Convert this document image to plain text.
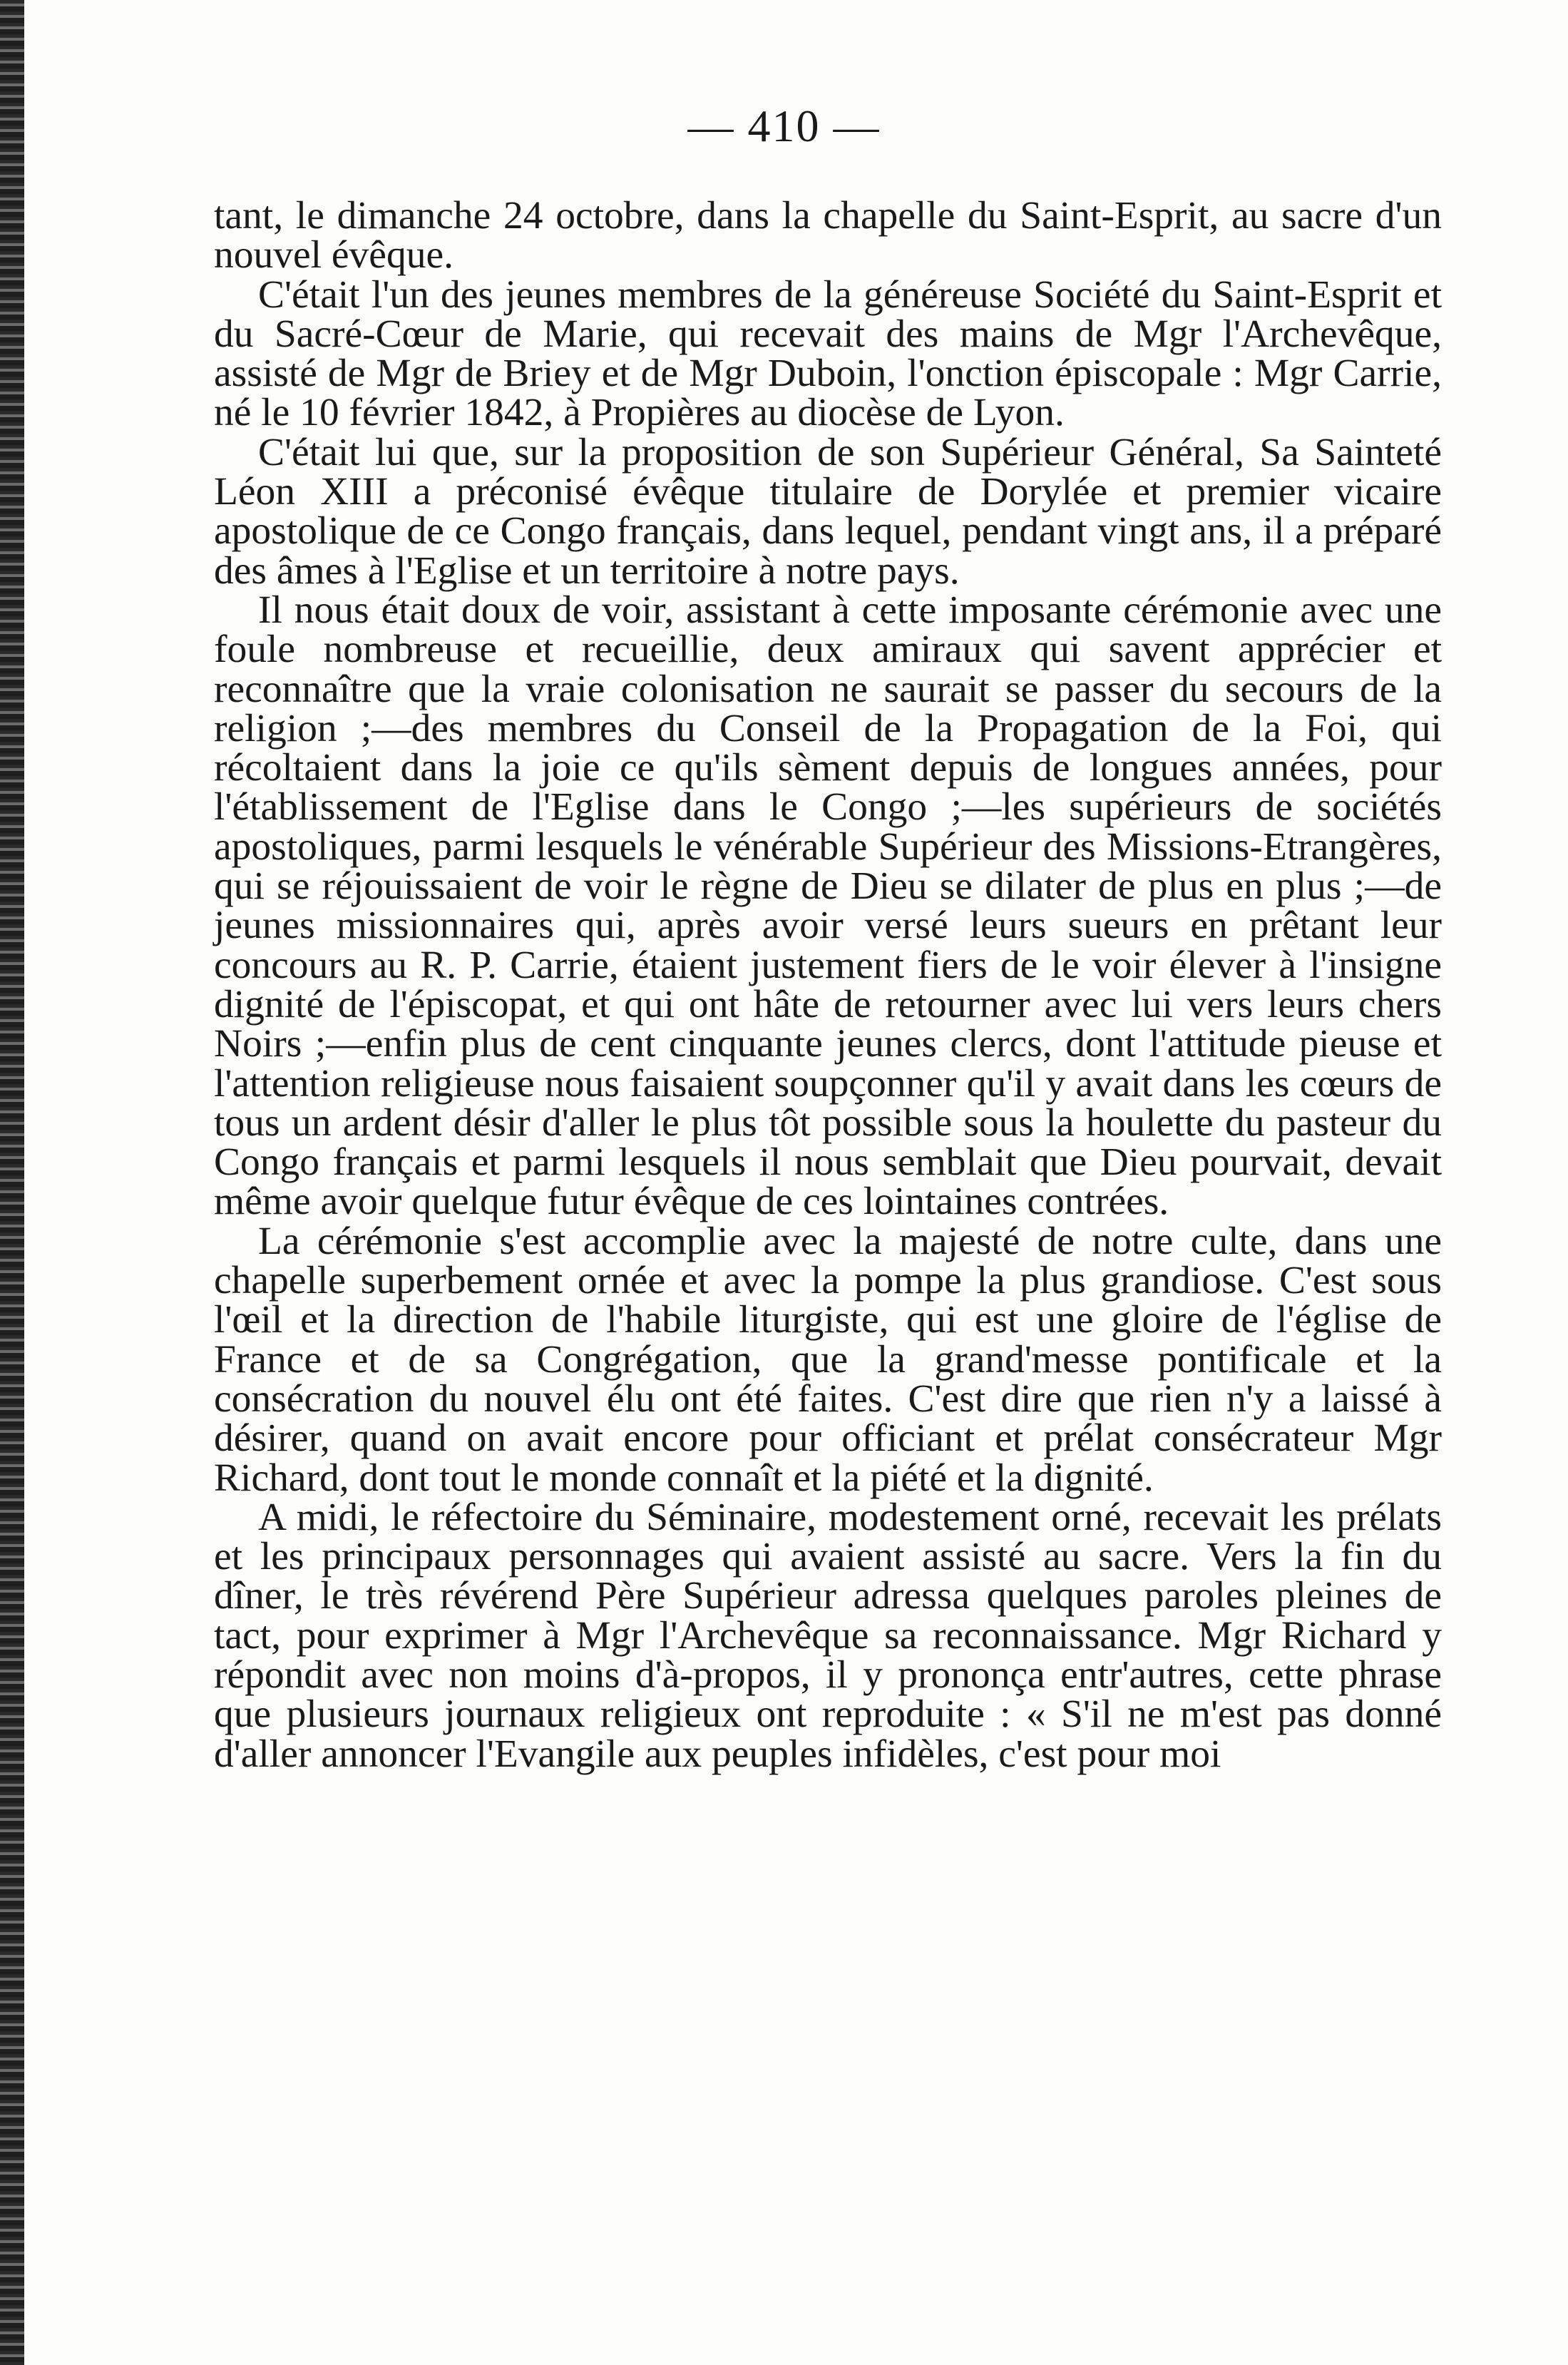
— 410 —

tant, le dimanche 24 octobre, dans la chapelle du Saint-Esprit, au sacre d'un nouvel évêque.

C'était l'un des jeunes membres de la généreuse Société du Saint-Esprit et du Sacré-Cœur de Marie, qui recevait des mains de Mgr l'Archevêque, assisté de Mgr de Briey et de Mgr Duboin, l'onction épiscopale : Mgr Carrie, né le 10 février 1842, à Propières au diocèse de Lyon.

C'était lui que, sur la proposition de son Supérieur Général, Sa Sainteté Léon XIII a préconisé évêque titulaire de Dorylée et premier vicaire apostolique de ce Congo français, dans lequel, pendant vingt ans, il a préparé des âmes à l'Eglise et un territoire à notre pays.

Il nous était doux de voir, assistant à cette imposante cérémonie avec une foule nombreuse et recueillie, deux amiraux qui savent apprécier et reconnaître que la vraie colonisation ne saurait se passer du secours de la religion ;—des membres du Conseil de la Propagation de la Foi, qui récoltaient dans la joie ce qu'ils sèment depuis de longues années, pour l'établissement de l'Eglise dans le Congo ;—les supérieurs de sociétés apostoliques, parmi lesquels le vénérable Supérieur des Missions-Etrangères, qui se réjouissaient de voir le règne de Dieu se dilater de plus en plus ;—de jeunes missionnaires qui, après avoir versé leurs sueurs en prêtant leur concours au R. P. Carrie, étaient justement fiers de le voir élever à l'insigne dignité de l'épiscopat, et qui ont hâte de retourner avec lui vers leurs chers Noirs ;—enfin plus de cent cinquante jeunes clercs, dont l'attitude pieuse et l'attention religieuse nous faisaient soupçonner qu'il y avait dans les cœurs de tous un ardent désir d'aller le plus tôt possible sous la houlette du pasteur du Congo français et parmi lesquels il nous semblait que Dieu pourvait, devait même avoir quelque futur évêque de ces lointaines contrées.

La cérémonie s'est accomplie avec la majesté de notre culte, dans une chapelle superbement ornée et avec la pompe la plus grandiose. C'est sous l'œil et la direction de l'habile liturgiste, qui est une gloire de l'église de France et de sa Congrégation, que la grand'messe pontificale et la consécration du nouvel élu ont été faites. C'est dire que rien n'y a laissé à désirer, quand on avait encore pour officiant et prélat consécrateur Mgr Richard, dont tout le monde connaît et la piété et la dignité.

A midi, le réfectoire du Séminaire, modestement orné, recevait les prélats et les principaux personnages qui avaient assisté au sacre. Vers la fin du dîner, le très révérend Père Supérieur adressa quelques paroles pleines de tact, pour exprimer à Mgr l'Archevêque sa reconnaissance. Mgr Richard y répondit avec non moins d'à-propos, il y prononça entr'autres, cette phrase que plusieurs journaux religieux ont reproduite : « S'il ne m'est pas donné d'aller annoncer l'Evangile aux peuples infidèles, c'est pour moi
